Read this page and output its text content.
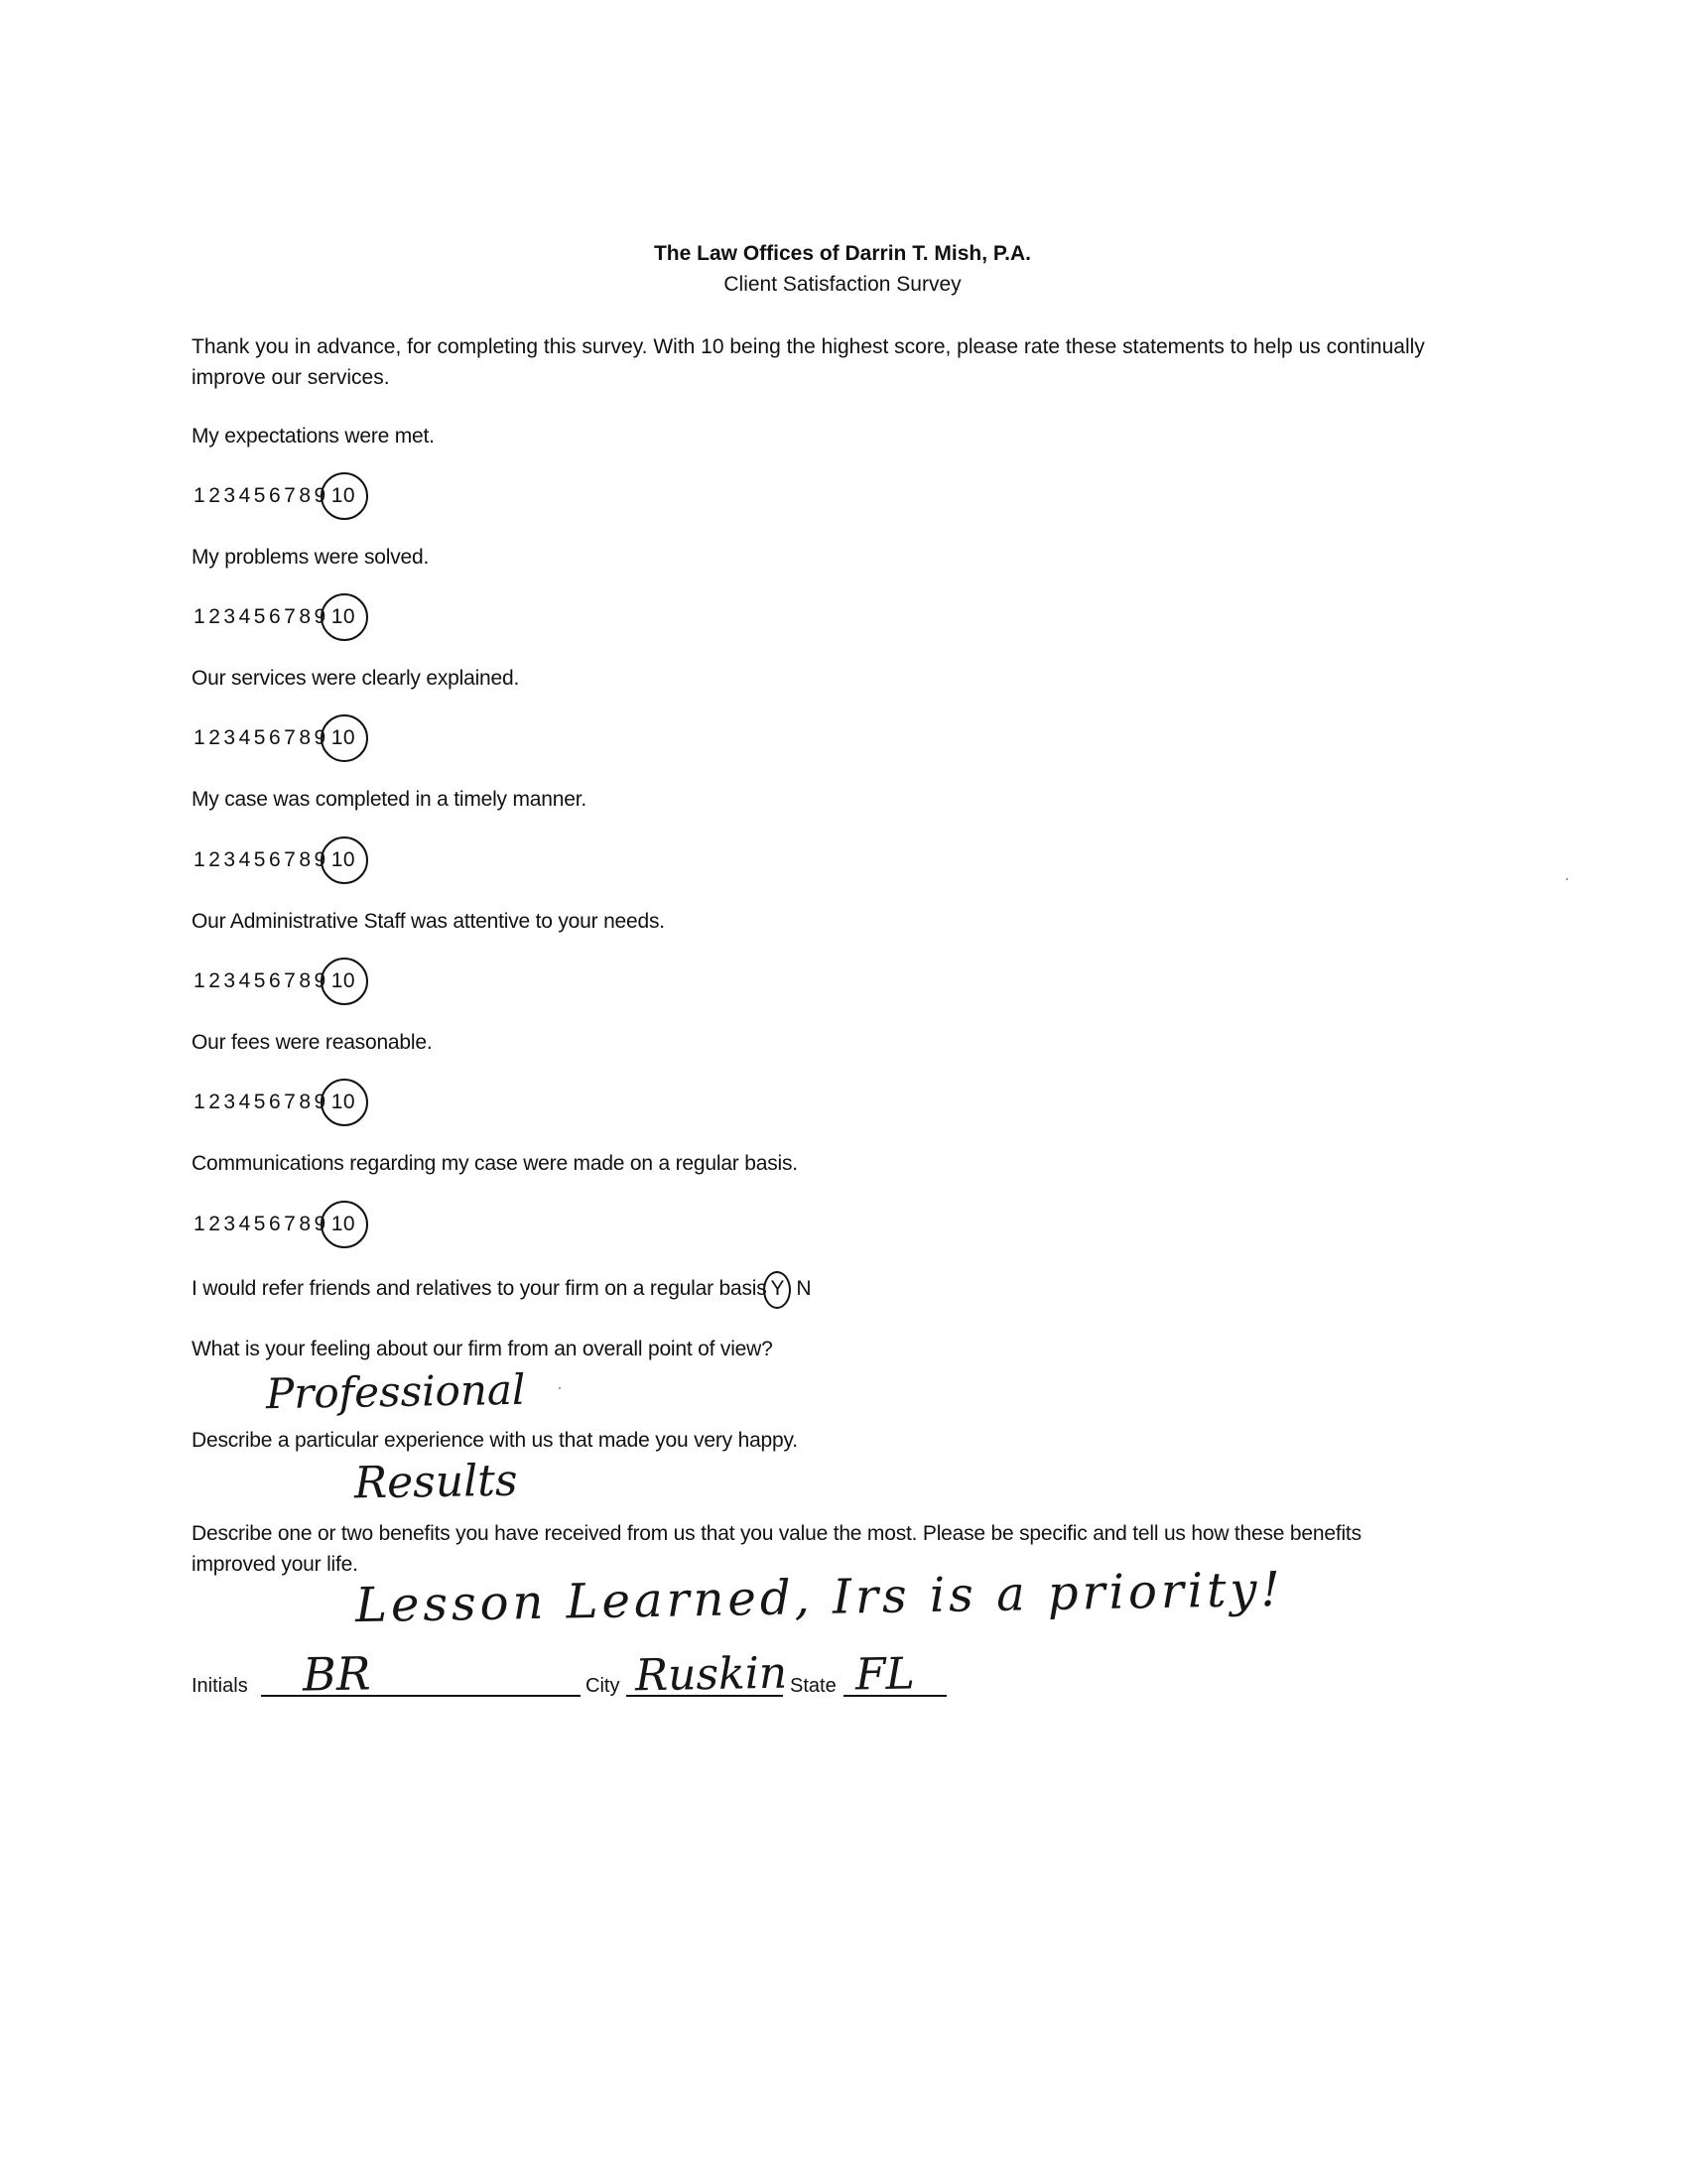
The Law Offices of Darrin T. Mish, P.A.
Client Satisfaction Survey
Thank you in advance, for completing this survey. With 10 being the highest score, please rate these statements to help us continually improve our services.
My expectations were met.
1 2 3 4 5 6 7 8 9 10
My problems were solved.
1 2 3 4 5 6 7 8 9 10
Our services were clearly explained.
1 2 3 4 5 6 7 8 9 10
My case was completed in a timely manner.
1 2 3 4 5 6 7 8 9 10
Our Administrative Staff was attentive to your needs.
1 2 3 4 5 6 7 8 9 10
Our fees were reasonable.
1 2 3 4 5 6 7 8 9 10
Communications regarding my case were made on a regular basis.
1 2 3 4 5 6 7 8 9 10
I would refer friends and relatives to your firm on a regular basis Y N
What is your feeling about our firm from an overall point of view?
Professional
Describe a particular experience with us that made you very happy.
Results
Describe one or two benefits you have received from us that you value the most. Please be specific and tell us how these benefits improved your life.
Lesson Learned, Irs is a priority!
Initials BR	City Ruskin State FL
